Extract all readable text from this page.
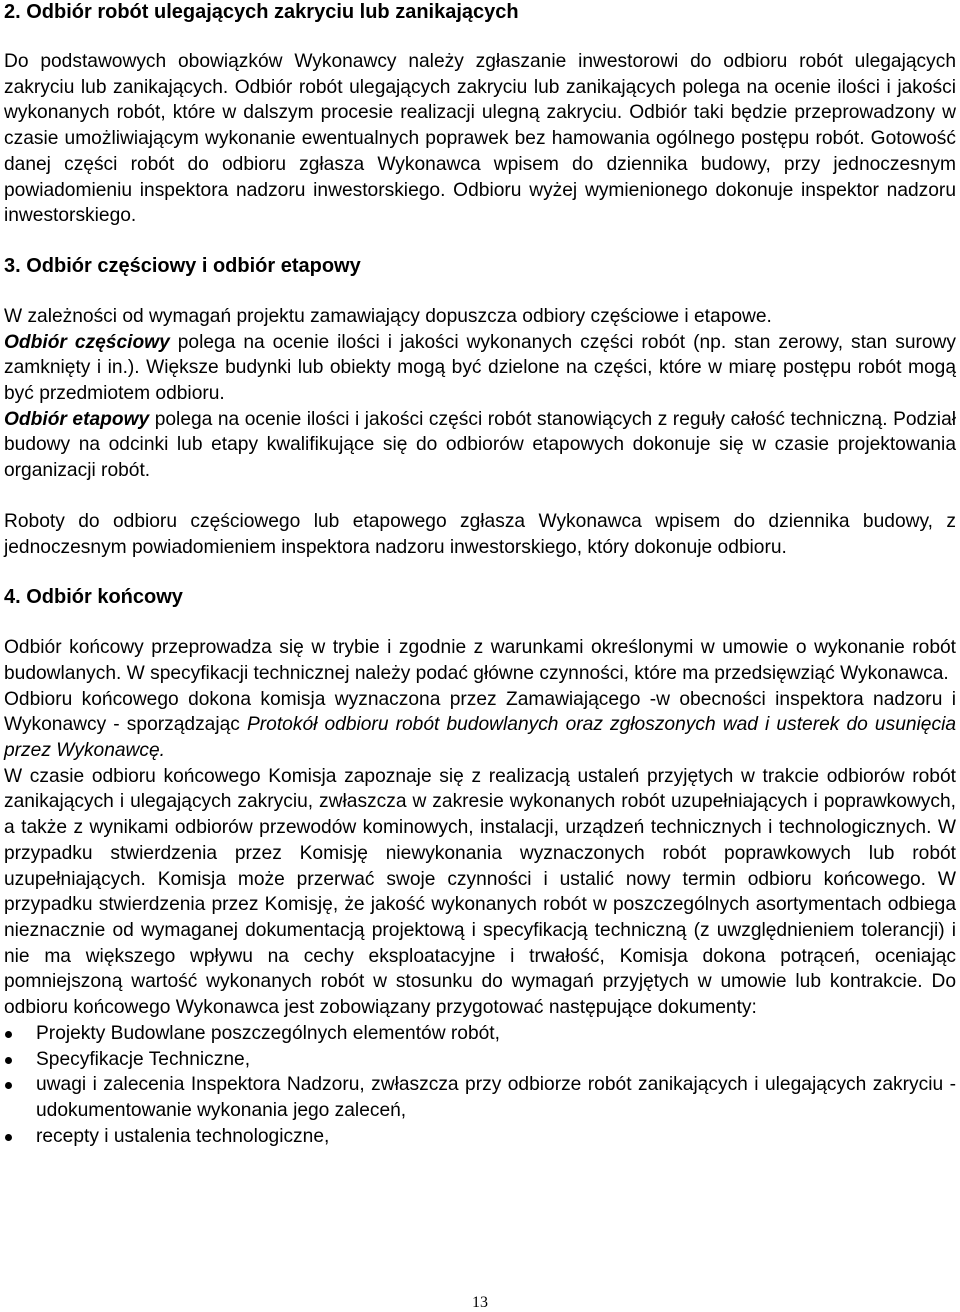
2. Odbiór robót ulegających zakryciu lub zanikających

Do podstawowych obowiązków Wykonawcy należy zgłaszanie inwestorowi do odbioru robót ulegających zakryciu lub zanikających. Odbiór robót ulegających zakryciu lub zanikających polega na ocenie ilości i jakości wykonanych robót, które w dalszym procesie realizacji ulegną zakryciu. Odbiór taki będzie przeprowadzony w czasie umożliwiającym wykonanie ewentualnych poprawek bez hamowania ogólnego postępu robót. Gotowość danej części robót do odbioru zgłasza Wykonawca wpisem do dziennika budowy, przy jednoczesnym powiadomieniu inspektora nadzoru inwestorskiego. Odbioru wyżej wymienionego dokonuje inspektor nadzoru inwestorskiego.

3. Odbiór częściowy i odbiór etapowy

W zależności od wymagań projektu zamawiający dopuszcza odbiory częściowe i etapowe.

Odbiór częściowy polega na ocenie ilości i jakości wykonanych części robót (np. stan zerowy, stan surowy zamknięty i in.). Większe budynki lub obiekty mogą być dzielone na części, które w miarę postępu robót mogą być przedmiotem odbioru.

Odbiór etapowy polega na ocenie ilości i jakości części robót stanowiących z reguły całość techniczną. Podział budowy na odcinki lub etapy kwalifikujące się do odbiorów etapowych dokonuje się w czasie projektowania organizacji robót.

Roboty do odbioru częściowego lub etapowego zgłasza Wykonawca wpisem do dziennika budowy, z jednoczesnym powiadomieniem inspektora nadzoru inwestorskiego, który dokonuje odbioru.

4. Odbiór końcowy

Odbiór końcowy przeprowadza się w trybie i zgodnie z warunkami określonymi w umowie o wykonanie robót budowlanych. W specyfikacji technicznej należy podać główne czynności, które ma przedsięwziąć Wykonawca.

Odbioru końcowego dokona komisja wyznaczona przez Zamawiającego -w obecności inspektora nadzoru i Wykonawcy - sporządzając Protokół odbioru robót budowlanych oraz zgłoszonych wad i usterek do usunięcia przez Wykonawcę.

W czasie odbioru końcowego Komisja zapoznaje się z realizacją ustaleń przyjętych w trakcie odbiorów robót zanikających i ulegających zakryciu, zwłaszcza w zakresie wykonanych robót uzupełniających i poprawkowych, a także z wynikami odbiorów przewodów kominowych, instalacji, urządzeń technicznych i technologicznych. W przypadku stwierdzenia przez Komisję niewykonania wyznaczonych robót poprawkowych lub robót uzupełniających. Komisja może przerwać swoje czynności i ustalić nowy termin odbioru końcowego. W przypadku stwierdzenia przez Komisję, że jakość wykonanych robót w poszczególnych asortymentach odbiega nieznacznie od wymaganej dokumentacją projektową i specyfikacją techniczną (z uwzględnieniem tolerancji) i nie ma większego wpływu na cechy eksploatacyjne i trwałość, Komisja dokona potrąceń, oceniając pomniejszoną wartość wykonanych robót w stosunku do wymagań przyjętych w umowie lub kontrakcie. Do odbioru końcowego Wykonawca jest zobowiązany przygotować następujące dokumenty:

Projekty Budowlane poszczególnych elementów robót,
Specyfikacje Techniczne,
uwagi i zalecenia Inspektora Nadzoru, zwłaszcza przy odbiorze robót zanikających i ulegających zakryciu - udokumentowanie wykonania jego zaleceń,
recepty i ustalenia technologiczne,
13
